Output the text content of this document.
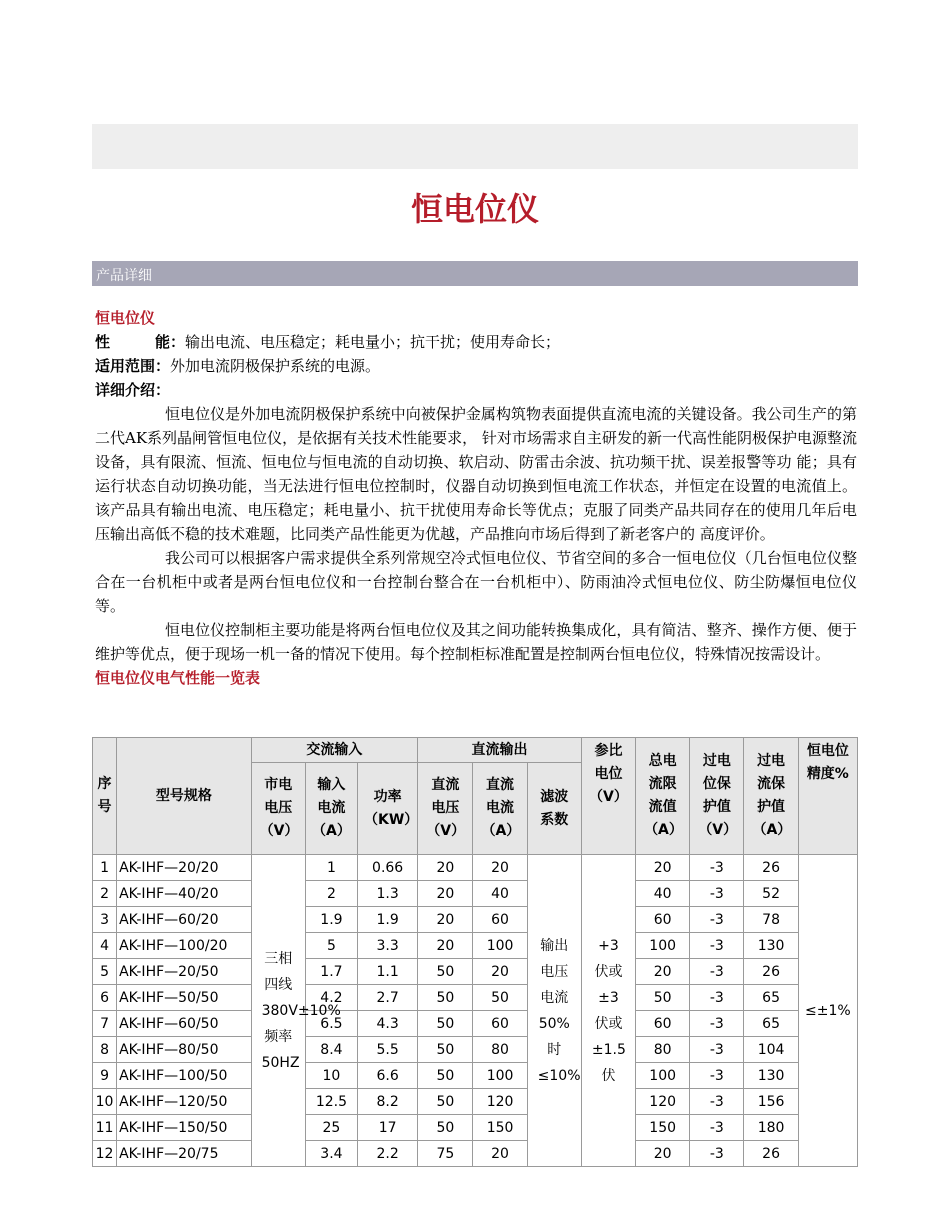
恒电位仪
产品详细
恒电位仪
性　　　能：输出电流、电压稳定；耗电量小；抗干扰；使用寿命长；
适用范围：外加电流阴极保护系统的电源。
详细介绍：

恒电位仪是外加电流阴极保护系统中向被保护金属构筑物表面提供直流电流的关键设备。我公司生产的第二代AK系列晶闸管恒电位仪，是依据有关技术性能要求， 针对市场需求自主研发的新一代高性能阴极保护电源整流设备，具有限流、恒流、恒电位与恒电流的自动切换、软启动、防雷击余波、抗功频干扰、误差报警等功 能；具有运行状态自动切换功能，当无法进行恒电位控制时，仪器自动切换到恒电流工作状态，并恒定在设置的电流值上。该产品具有输出电流、电压稳定；耗电量小、抗干扰使用寿命长等优点；克服了同类产品共同存在的使用几年后电压输出高低不稳的技术难题，比同类产品性能更为优越，产品推向市场后得到了新老客户的 高度评价。

我公司可以根据客户需求提供全系列常规空冷式恒电位仪、节省空间的多合一恒电位仪（几台恒电位仪整合在一台机柜中或者是两台恒电位仪和一台控制台整合在一台机柜中）、防雨油冷式恒电位仪、防尘防爆恒电位仪等。

恒电位仪控制柜主要功能是将两台恒电位仪及其之间功能转换集成化，具有简洁、整齐、操作方便、便于维护等优点，便于现场一机一备的情况下使用。每个控制柜标准配置是控制两台恒电位仪，特殊情况按需设计。

恒电位仪电气性能一览表
序号	型号规格	交流输入			直流输出			参比电位（V）	总电流限流值（A）	过电位保护值（V）	过电流保护值（A）	恒电位精度%
		市电电压（V）	输入电流（A）	功率（KW）	直流电压（V）	直流电流（A）	滤波系数					
1	AK-ⅠHF—20/20	三相四线380V±10%频率50HZ	1	0.66	20	20	输出电压电流50%时≤10%	+3伏或±3伏或±1.5伏	20	-3	26	≤±1%
2	AK-ⅠHF—40/20		2	1.3	20	40			40	-3	52	
3	AK-ⅠHF—60/20		1.9	1.9	20	60			60	-3	78	
4	AK-ⅠHF—100/20		5	3.3	20	100			100	-3	130	
5	AK-ⅠHF—20/50		1.7	1.1	50	20			20	-3	26	
6	AK-ⅠHF—50/50		4.2	2.7	50	50			50	-3	65	
7	AK-ⅠHF—60/50		6.5	4.3	50	60			60	-3	65	
8	AK-ⅠHF—80/50		8.4	5.5	50	80			80	-3	104	
9	AK-ⅠHF—100/50		10	6.6	50	100			100	-3	130	
10	AK-ⅠHF—120/50		12.5	8.2	50	120			120	-3	156	
11	AK-ⅠHF—150/50		25	17	50	150			150	-3	180	
12	AK-ⅠHF—20/75		3.4	2.2	75	20			20	-3	26	
